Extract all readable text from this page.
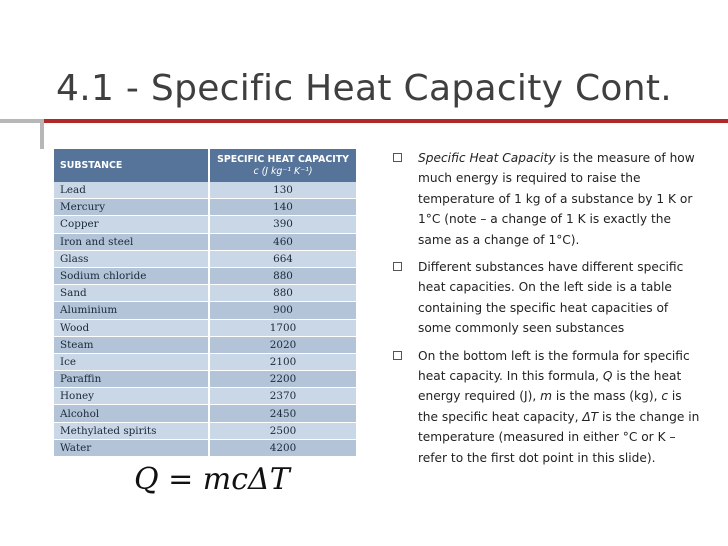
4.1 - Specific Heat Capacity Cont.
SUBSTANCE	SPECIFIC HEAT CAPACITY
c (J kg⁻¹ K⁻¹)

Lead	130
Mercury	140
Copper	390
Iron and steel	460
Glass	664
Sodium chloride	880
Sand	880
Aluminium	900
Wood	1700
Steam	2020
Ice	2100
Paraffin	2200
Honey	2370
Alcohol	2450
Methylated spirits	2500
Water	4200
Q = mcΔT
Specific Heat Capacity is the measure of how much energy is required to raise the temperature of 1 kg of a substance by 1 K or 1°C (note – a change of 1 K is exactly the same as a change of 1°C).
Different substances have different specific heat capacities. On the left side is a table containing the specific heat capacities of some commonly seen substances
On the bottom left is the formula for specific heat capacity. In this formula, Q is the heat energy required (J), m is the mass (kg), c is the specific heat capacity, ΔT is the change in temperature (measured in either °C or K – refer to the first dot point in this slide).
